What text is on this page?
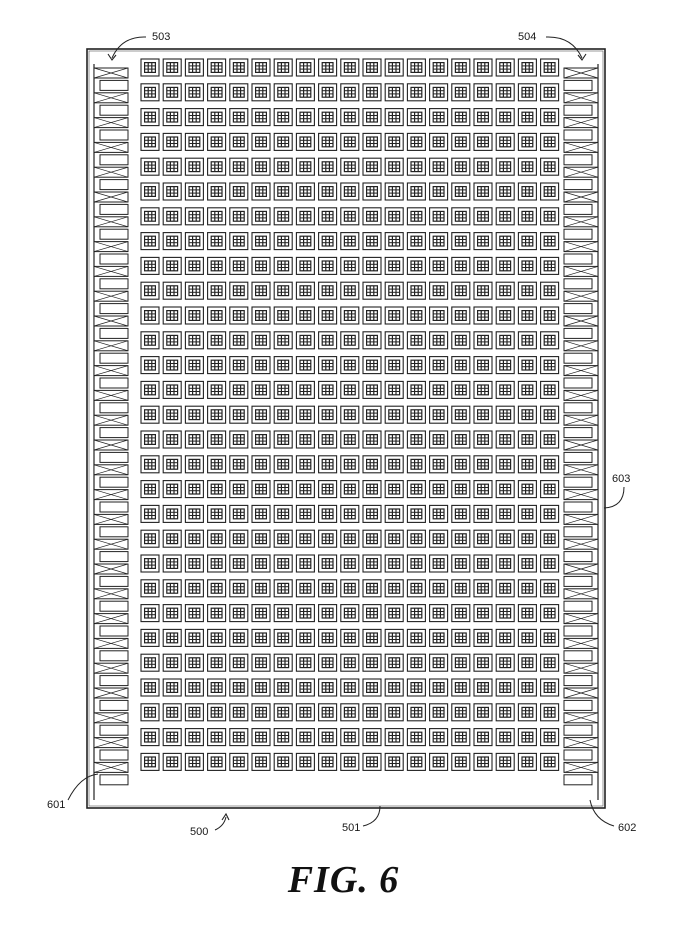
503	504
603
601
602
501
500
FIG. 6
